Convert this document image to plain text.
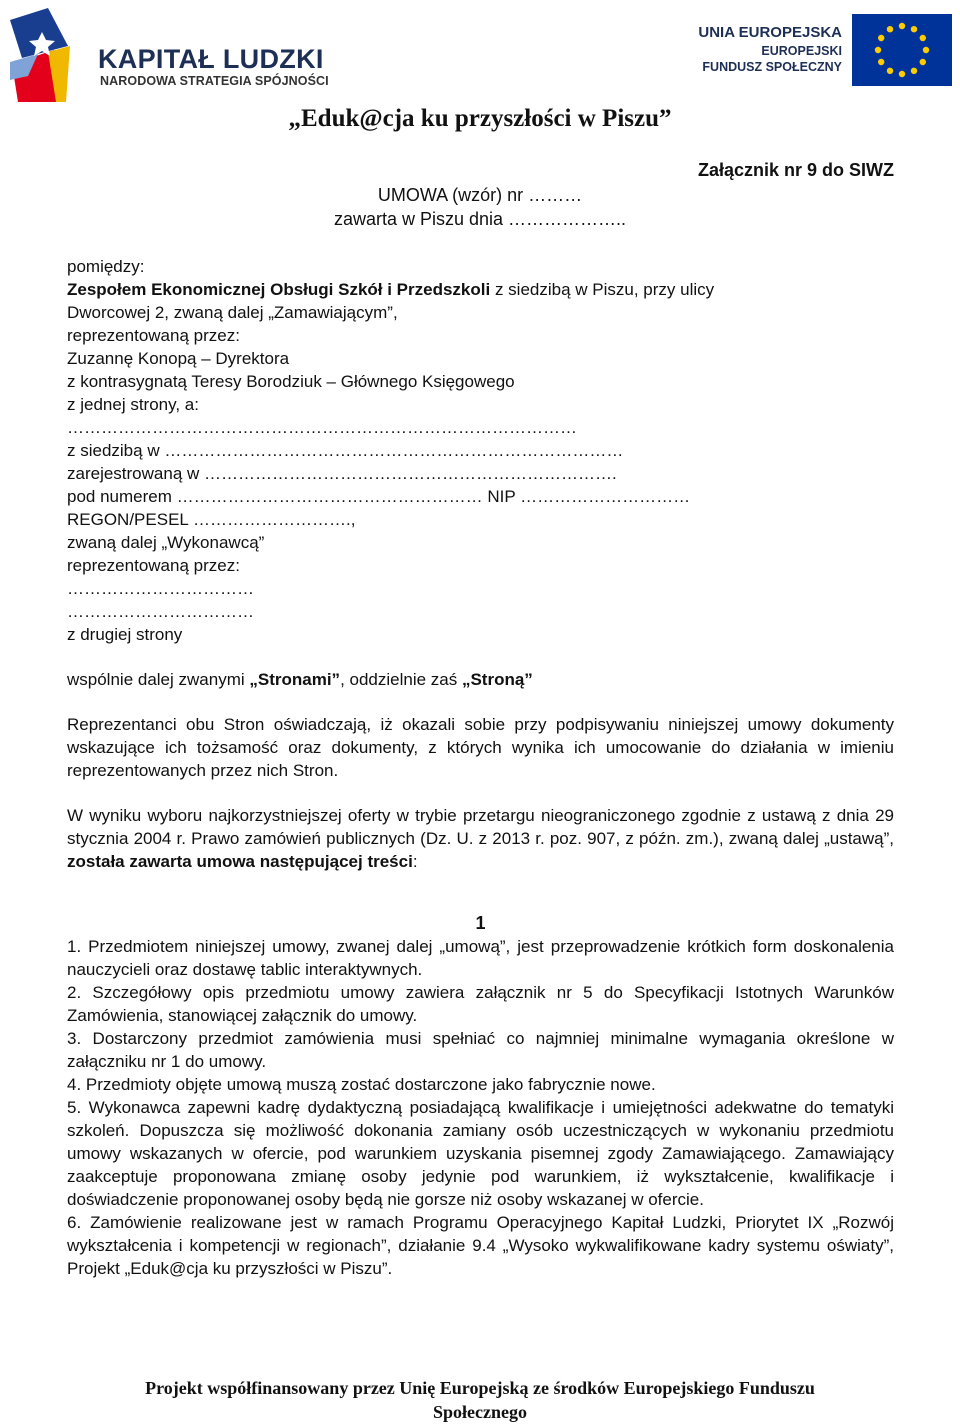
KAPITAŁ LUDZKI
NARODOWA STRATEGIA SPÓJNOŚCI
UNIA EUROPEJSKA
EUROPEJSKI
FUNDUSZ SPOŁECZNY
„Eduk@cja ku przyszłości w Piszu”
Załącznik nr 9 do SIWZ
UMOWA (wzór) nr ………
zawarta w Piszu dnia ………………..
pomiędzy:
Zespołem Ekonomicznej Obsługi Szkół i Przedszkoli z siedzibą w Piszu, przy ulicy
Dworcowej 2, zwaną dalej „Zamawiającym”,
reprezentowaną przez:
Zuzannę Konopą – Dyrektora
z kontrasygnatą Teresy Borodziuk – Głównego Księgowego
z jednej strony, a:
………………………………………………………………………………
z siedzibą w ………………………………………………………………………
zarejestrowaną w ……………………………………………………………….
pod numerem ……………………………………………… NIP …………………………
REGON/PESEL ……………………….,
zwaną dalej „Wykonawcą”
reprezentowaną przez:
……………………………
……………………………
z drugiej strony
wspólnie dalej zwanymi „Stronami”, oddzielnie zaś „Stroną”
Reprezentanci obu Stron oświadczają, iż okazali sobie przy podpisywaniu niniejszej umowy dokumenty wskazujące ich tożsamość oraz dokumenty, z których wynika ich umocowanie do działania w imieniu reprezentowanych przez nich Stron.
W wyniku wyboru najkorzystniejszej oferty w trybie przetargu nieograniczonego zgodnie z ustawą z dnia 29 stycznia 2004 r. Prawo zamówień publicznych (Dz. U. z 2013 r. poz. 907, z późn. zm.), zwaną dalej „ustawą”, została zawarta umowa następującej treści:
1
1. Przedmiotem niniejszej umowy, zwanej dalej „umową”, jest przeprowadzenie krótkich form doskonalenia nauczycieli oraz dostawę tablic interaktywnych.
2. Szczegółowy opis przedmiotu umowy zawiera załącznik nr 5 do Specyfikacji Istotnych Warunków Zamówienia, stanowiącej załącznik do umowy.
3. Dostarczony przedmiot zamówienia musi spełniać co najmniej minimalne wymagania określone w załączniku nr 1 do umowy.
4. Przedmioty objęte umową muszą zostać dostarczone jako fabrycznie nowe.
5. Wykonawca zapewni kadrę dydaktyczną posiadającą kwalifikacje i umiejętności adekwatne do tematyki szkoleń. Dopuszcza się możliwość dokonania zamiany osób uczestniczących w wykonaniu przedmiotu umowy wskazanych w ofercie, pod warunkiem uzyskania pisemnej zgody Zamawiającego. Zamawiający zaakceptuje proponowana zmianę osoby jedynie pod warunkiem, iż wykształcenie, kwalifikacje i doświadczenie proponowanej osoby będą nie gorsze niż osoby wskazanej w ofercie.
6. Zamówienie realizowane jest w ramach Programu Operacyjnego Kapitał Ludzki, Priorytet IX „Rozwój wykształcenia i kompetencji w regionach”, działanie 9.4 „Wysoko wykwalifikowane kadry systemu oświaty”, Projekt „Eduk@cja ku przyszłości w Piszu”.
Projekt współfinansowany przez Unię Europejską ze środków Europejskiego Funduszu
Społecznego
